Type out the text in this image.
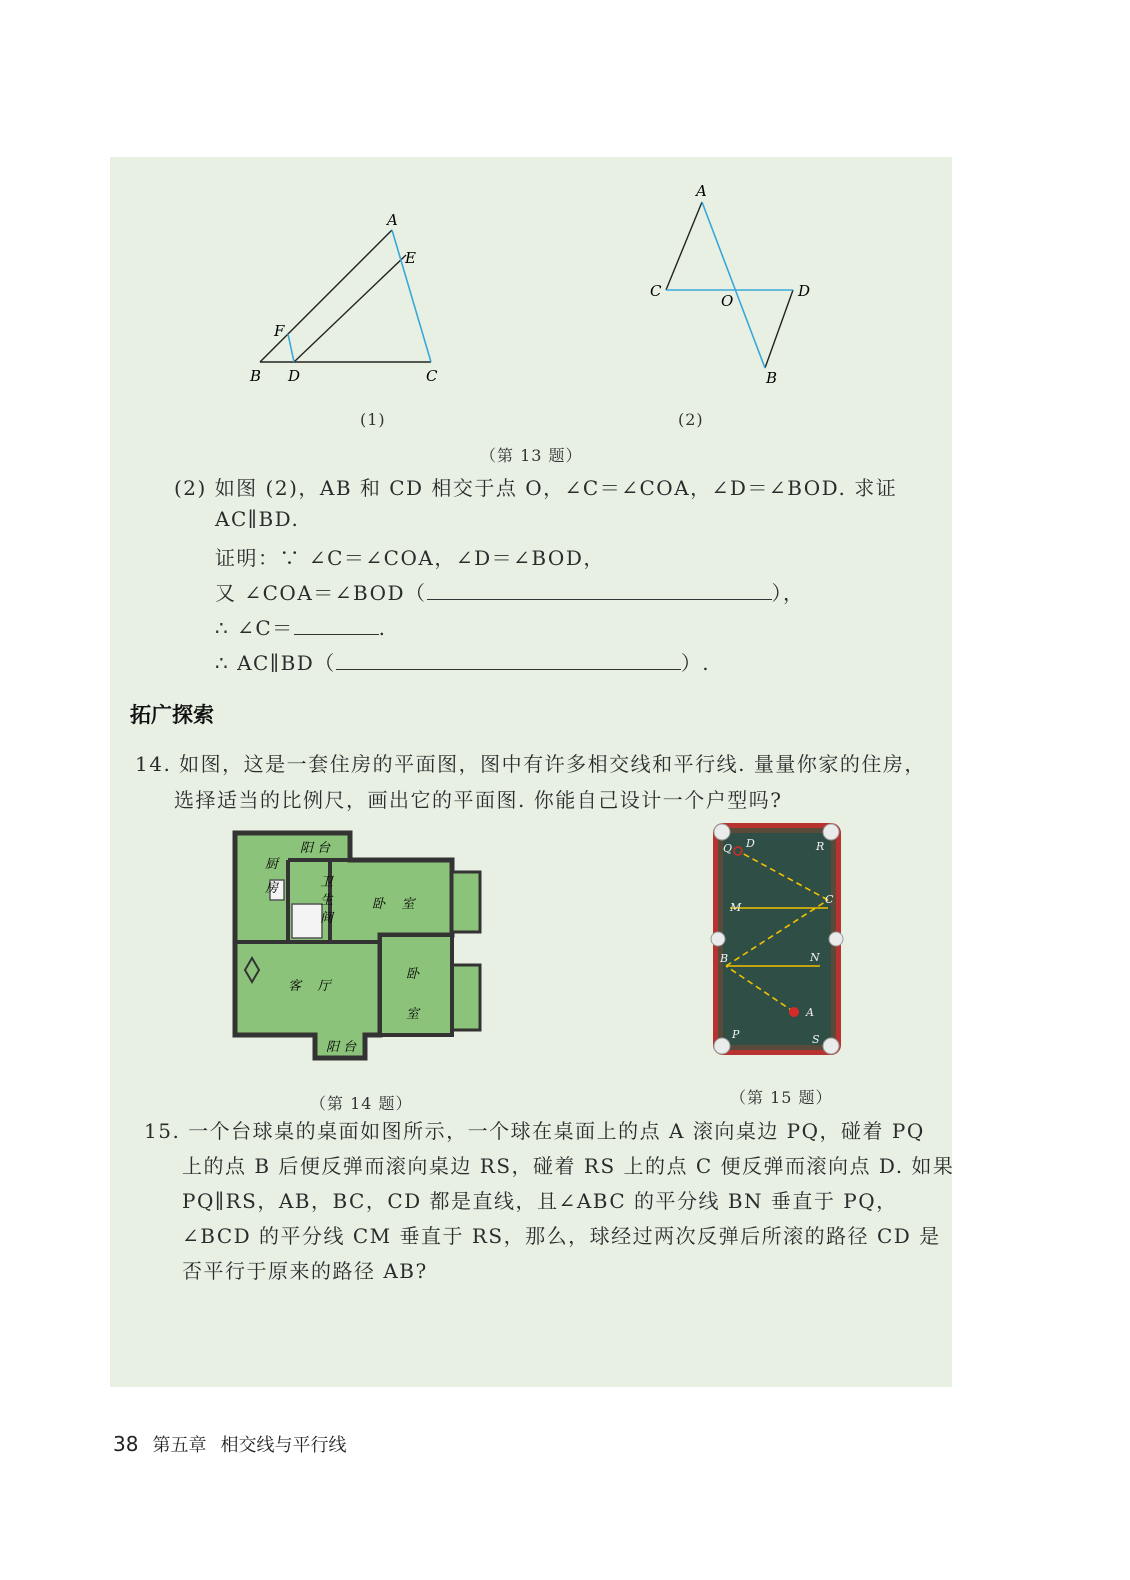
A
E
F
B D	C
A
C
O
D
B
(1)	(2)
（第 13 题）
(2) 如图 (2)，AB 和 CD 相交于点 O，∠C＝∠COA，∠D＝∠BOD. 求证
AC∥BD.
证明：∵ ∠C＝∠COA，∠D＝∠BOD，
又 ∠COA＝∠BOD（	），
∴ ∠C＝	.
∴ AC∥BD（	）.
拓广探索
14. 如图，这是一套住房的平面图，图中有许多相交线和平行线. 量量你家的住房，
选择适当的比例尺，画出它的平面图. 你能自己设计一个户型吗?
阳 台
厨
房	卫
生
间
卧    室
客    厅
卧
室
阳 台
Q D	R
M
C
B	N
A
P	S
（第 14 题）	（第 15 题）
15. 一个台球桌的桌面如图所示，一个球在桌面上的点 A 滚向桌边 PQ，碰着 PQ
上的点 B 后便反弹而滚向桌边 RS，碰着 RS 上的点 C 便反弹而滚向点 D. 如果
PQ∥RS，AB，BC，CD 都是直线，且∠ABC 的平分线 BN 垂直于 PQ，
∠BCD 的平分线 CM 垂直于 RS，那么，球经过两次反弹后所滚的路径 CD 是
否平行于原来的路径 AB?
38 第五章 相交线与平行线
